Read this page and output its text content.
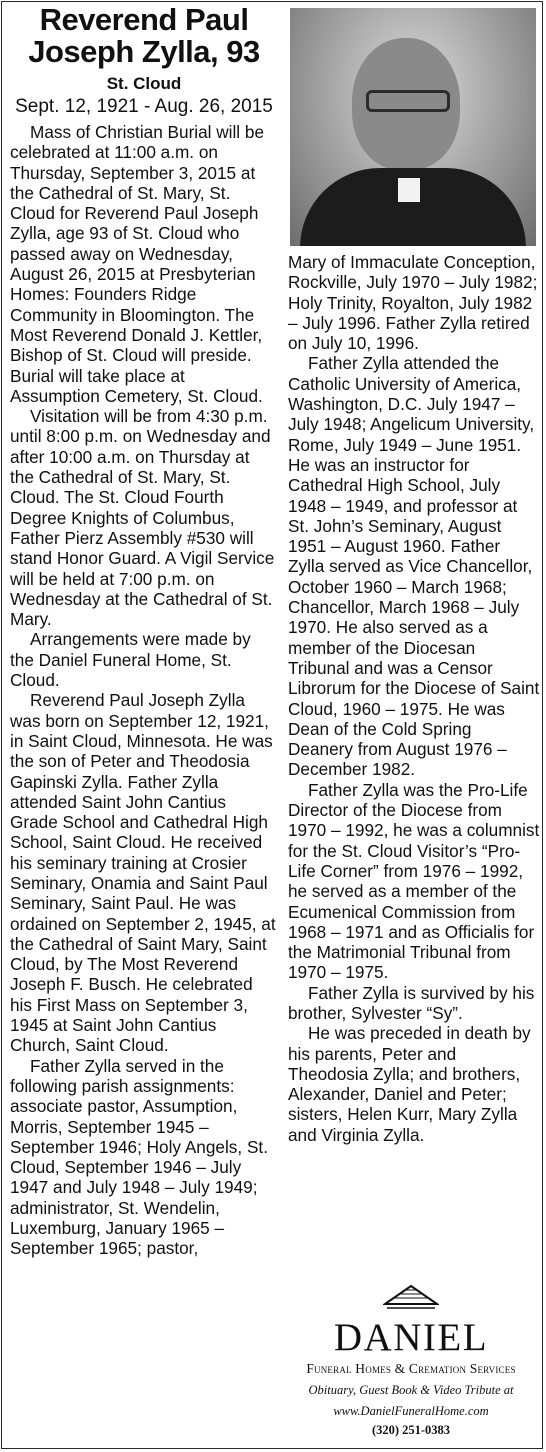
Reverend Paul
Joseph Zylla, 93
St. Cloud
Sept. 12, 1921 - Aug. 26, 2015

Mass of Christian Burial will be celebrated at 11:00 a.m. on Thursday, September 3, 2015 at the Cathedral of St. Mary, St. Cloud for Reverend Paul Joseph Zylla, age 93 of St. Cloud who passed away on Wednesday, August 26, 2015 at Presbyterian Homes: Founders Ridge Community in Bloomington. The Most Reverend Donald J. Kettler, Bishop of St. Cloud will preside. Burial will take place at Assumption Cemetery, St. Cloud.

Visitation will be from 4:30 p.m. until 8:00 p.m. on Wednesday and after 10:00 a.m. on Thursday at the Cathedral of St. Mary, St. Cloud. The St. Cloud Fourth Degree Knights of Columbus, Father Pierz Assembly #530 will stand Honor Guard. A Vigil Service will be held at 7:00 p.m. on Wednesday at the Cathedral of St. Mary.

Arrangements were made by the Daniel Funeral Home, St. Cloud.

Reverend Paul Joseph Zylla was born on September 12, 1921, in Saint Cloud, Minnesota. He was the son of Peter and Theodosia Gapinski Zylla. Father Zylla attended Saint John Cantius Grade School and Cathedral High School, Saint Cloud. He received his seminary training at Crosier Seminary, Onamia and Saint Paul Seminary, Saint Paul. He was ordained on September 2, 1945, at the Cathedral of Saint Mary, Saint Cloud, by The Most Reverend Joseph F. Busch. He celebrated his First Mass on September 3, 1945 at Saint John Cantius Church, Saint Cloud.

Father Zylla served in the following parish assignments: associate pastor, Assumption, Morris, September 1945 – September 1946; Holy Angels, St. Cloud, September 1946 – July 1947 and July 1948 – July 1949; administrator, St. Wendelin, Luxemburg, January 1965 – September 1965; pastor,

Mary of Immaculate Conception, Rockville, July 1970 – July 1982; Holy Trinity, Royalton, July 1982 – July 1996. Father Zylla retired on July 10, 1996.

Father Zylla attended the Catholic University of America, Washington, D.C. July 1947 – July 1948; Angelicum University, Rome, July 1949 – June 1951. He was an instructor for Cathedral High School, July 1948 – 1949, and professor at St. John’s Seminary, August 1951 – August 1960. Father Zylla served as Vice Chancellor, October 1960 – March 1968; Chancellor, March 1968 – July 1970. He also served as a member of the Diocesan Tribunal and was a Censor Librorum for the Diocese of Saint Cloud, 1960 – 1975. He was Dean of the Cold Spring Deanery from August 1976 – December 1982.

Father Zylla was the Pro-Life Director of the Diocese from 1970 – 1992, he was a columnist for the St. Cloud Visitor’s “Pro-Life Corner” from 1976 – 1992, he served as a member of the Ecumenical Commission from 1968 – 1971 and as Officialis for the Matrimonial Tribunal from 1970 – 1975.

Father Zylla is survived by his brother, Sylvester “Sy”.

He was preceded in death by his parents, Peter and Theodosia Zylla; and brothers, Alexander, Daniel and Peter; sisters, Helen Kurr, Mary Zylla and Virginia Zylla.

DANIEL
Funeral Homes & Cremation Services
Obituary, Guest Book & Video Tribute at
www.DanielFuneralHome.com
(320) 251-0383
